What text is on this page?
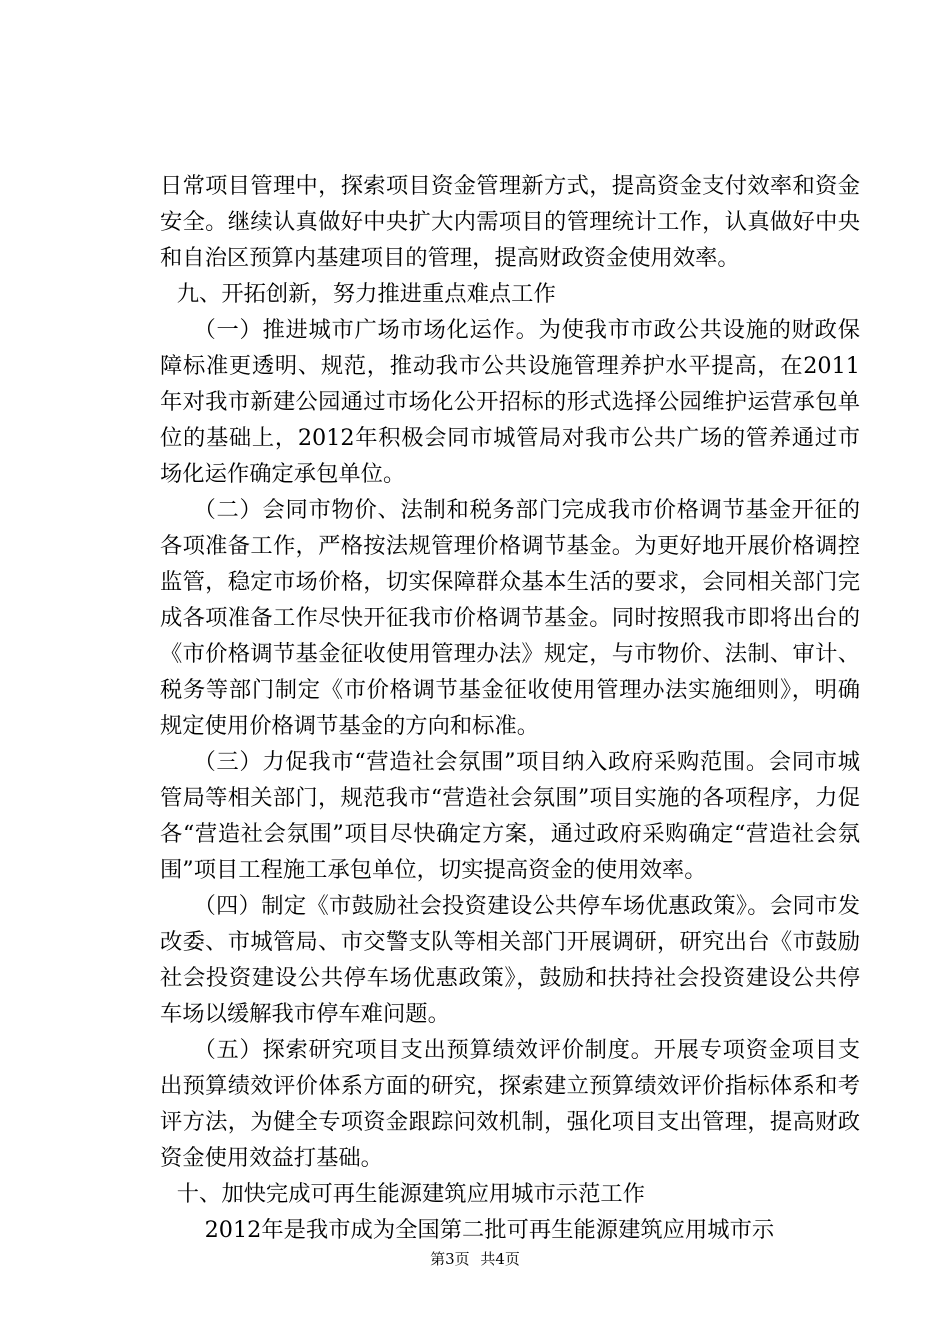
日常项目管理中，探索项目资金管理新方式，提高资金支付效率和资金安全。继续认真做好中央扩大内需项目的管理统计工作，认真做好中央和自治区预算内基建项目的管理，提高财政资金使用效率。

九、开拓创新，努力推进重点难点工作

（一）推进城市广场市场化运作。为使我市市政公共设施的财政保障标准更透明、规范，推动我市公共设施管理养护水平提高，在2011年对我市新建公园通过市场化公开招标的形式选择公园维护运营承包单位的基础上，2012年积极会同市城管局对我市公共广场的管养通过市场化运作确定承包单位。

（二）会同市物价、法制和税务部门完成我市价格调节基金开征的各项准备工作，严格按法规管理价格调节基金。为更好地开展价格调控监管，稳定市场价格，切实保障群众基本生活的要求，会同相关部门完成各项准备工作尽快开征我市价格调节基金。同时按照我市即将出台的《市价格调节基金征收使用管理办法》规定，与市物价、法制、审计、税务等部门制定《市价格调节基金征收使用管理办法实施细则》，明确规定使用价格调节基金的方向和标准。

（三）力促我市“营造社会氛围”项目纳入政府采购范围。会同市城管局等相关部门，规范我市“营造社会氛围”项目实施的各项程序，力促各“营造社会氛围”项目尽快确定方案，通过政府采购确定“营造社会氛围”项目工程施工承包单位，切实提高资金的使用效率。

（四）制定《市鼓励社会投资建设公共停车场优惠政策》。会同市发改委、市城管局、市交警支队等相关部门开展调研，研究出台《市鼓励社会投资建设公共停车场优惠政策》，鼓励和扶持社会投资建设公共停车场以缓解我市停车难问题。

（五）探索研究项目支出预算绩效评价制度。开展专项资金项目支出预算绩效评价体系方面的研究，探索建立预算绩效评价指标体系和考评方法，为健全专项资金跟踪问效机制，强化项目支出管理，提高财政资金使用效益打基础。

十、加快完成可再生能源建筑应用城市示范工作

2012年是我市成为全国第二批可再生能源建筑应用城市示

第3页 共4页
